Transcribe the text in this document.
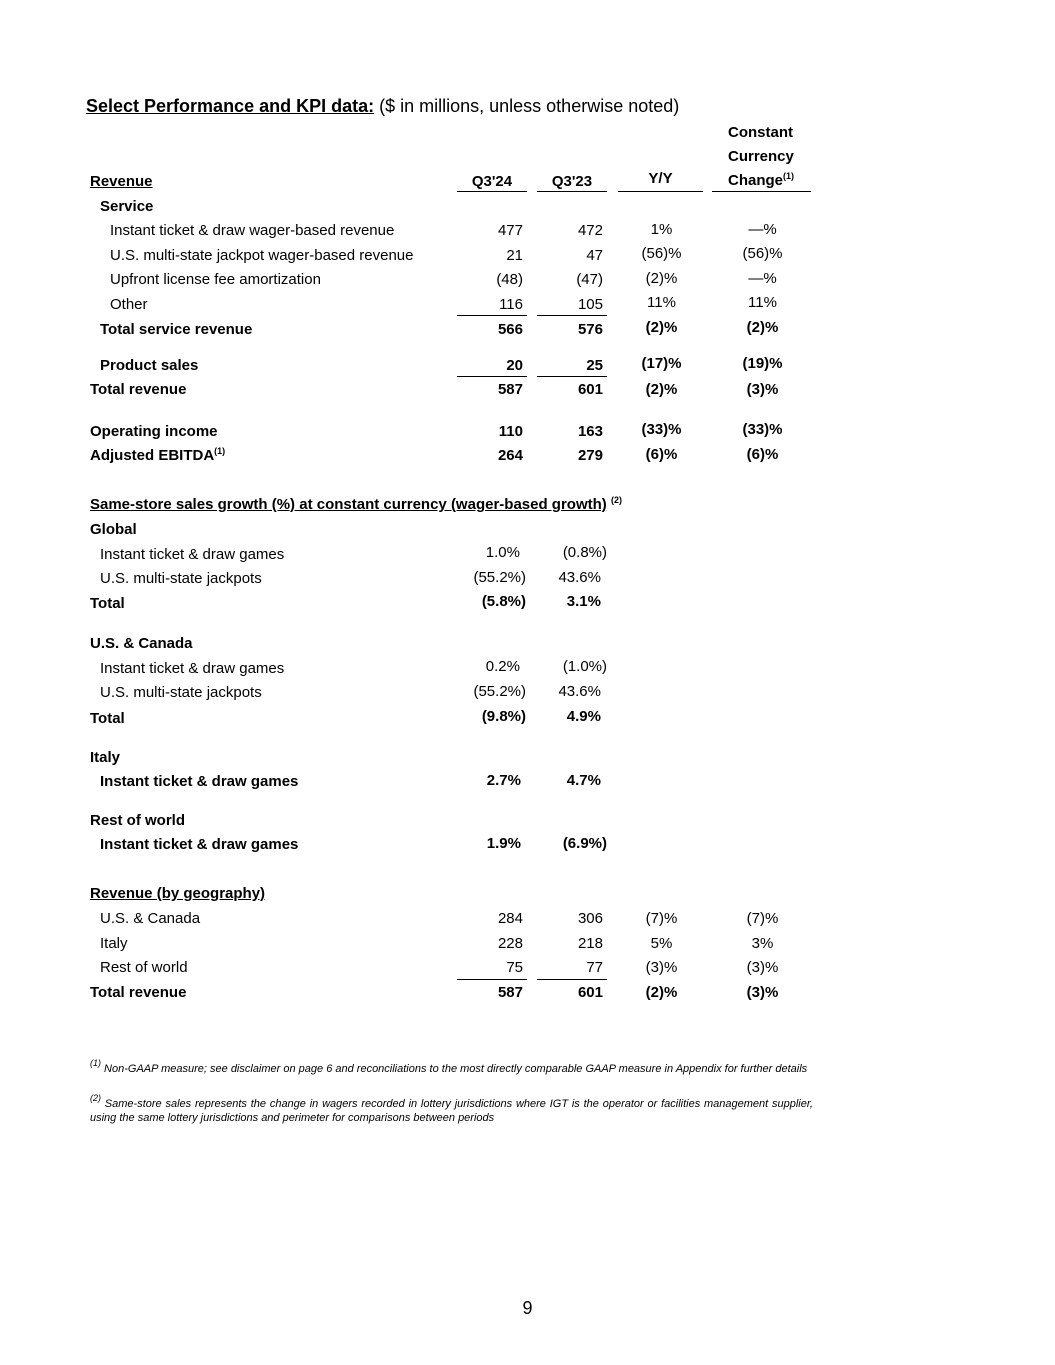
Select Performance and KPI data: ($ in millions, unless otherwise noted)
Constant
Currency
Change$^{(1)}$
Revenue	Q3'24	Q3'23	Y/Y
Service
Instant ticket & draw wager-based revenue	477	472	1%	—%
U.S. multi-state jackpot wager-based revenue	21	47	(56)%	(56)%
Upfront license fee amortization	(48)	(47)	(2)%	—%
Other	116	105	11%	11%
Total service revenue	566	576	(2)%	(2)%
Product sales	20	25	(17)%	(19)%
Total revenue	587	601	(2)%	(3)%
Operating income	110	163	(33)%	(33)%
Adjusted EBITDA$^{(1)}$	264	279	(6)%	(6)%
Same-store sales growth (%) at constant currency (wager-based growth) $^{(2)}$
Global
Instant ticket & draw games	1.0%	(0.8%)
U.S. multi-state jackpots	(55.2%)	43.6%
Total	(5.8%)	3.1%
U.S. & Canada
Instant ticket & draw games	0.2%	(1.0%)
U.S. multi-state jackpots	(55.2%)	43.6%
Total	(9.8%)	4.9%
Italy
Instant ticket & draw games	2.7%	4.7%
Rest of world
Instant ticket & draw games	1.9%	(6.9%)
Revenue (by geography)
U.S. & Canada	284	306	(7)%	(7)%
Italy	228	218	5%	3%
Rest of world	75	77	(3)%	(3)%
Total revenue	587	601	(2)%	(3)%
$^{(1)}$ Non-GAAP measure; see disclaimer on page 6 and reconciliations to the most directly comparable GAAP measure in Appendix for further details
$^{(2)}$ Same-store sales represents the change in wagers recorded in lottery jurisdictions where IGT is the operator or facilities management supplier, using the same lottery jurisdictions and perimeter for comparisons between periods
9
